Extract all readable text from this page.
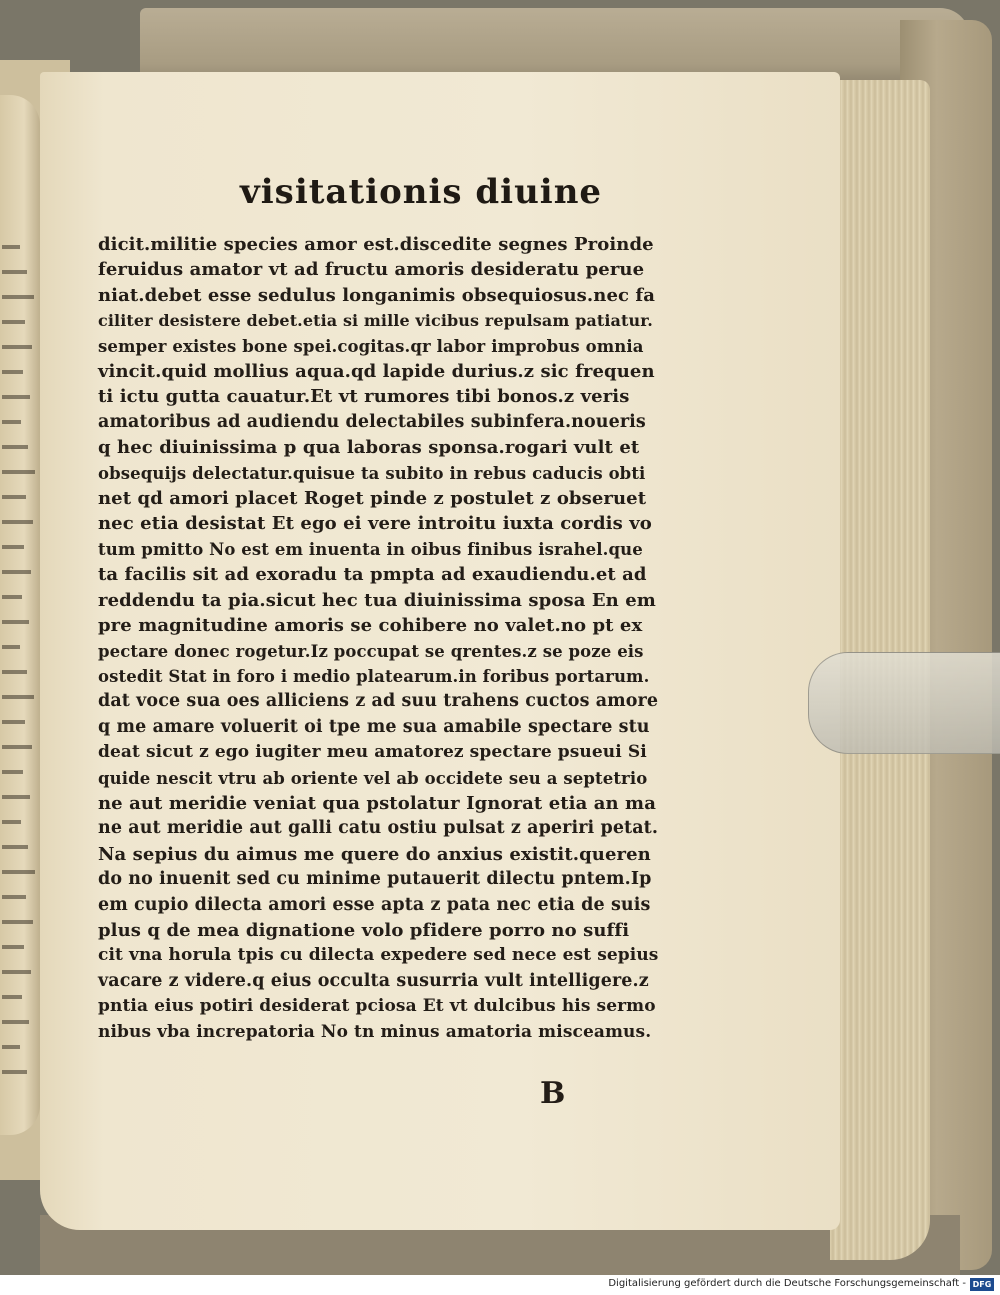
visitationis diuine
dicit.militie species amor est.discedite segnes Proinde
feruidus amator vt ad fructu amoris desideratu perue
niat.debet esse sedulus longanimis obsequiosus.nec fa
ciliter desistere debet.etia si mille vicibus repulsam patiatur.
semper existes bone spei.cogitas.qr labor improbus omnia
vincit.quid mollius aqua.qd lapide durius.z sic frequen
ti ictu gutta cauatur.Et vt rumores tibi bonos.z veris
amatoribus ad audiendu delectabiles subinfera.noueris
q hec diuinissima p qua laboras sponsa.rogari vult et
obsequijs delectatur.quisue ta subito in rebus caducis obti
net qd amori placet Roget pinde z postulet z obseruet
nec etia desistat Et ego ei vere introitu iuxta cordis vo
tum pmitto No est em inuenta in oibus finibus israhel.que
ta facilis sit ad exoradu ta pmpta ad exaudiendu.et ad
reddendu ta pia.sicut hec tua diuinissima sposa En em
pre magnitudine amoris se cohibere no valet.no pt ex
pectare donec rogetur.Iz poccupat se qrentes.z se poze eis
ostedit Stat in foro i medio platearum.in foribus portarum.
dat voce sua oes alliciens z ad suu trahens cuctos amore
q me amare voluerit oi tpe me sua amabile spectare stu
deat sicut z ego iugiter meu amatorez spectare psueui Si
quide nescit vtru ab oriente vel ab occidete seu a septetrio
ne aut meridie veniat qua pstolatur Ignorat etia an ma
ne aut meridie aut galli catu ostiu pulsat z aperiri petat.
Na sepius du aimus me quere do anxius existit.queren
do no inuenit sed cu minime putauerit dilectu pntem.Ip
em cupio dilecta amori esse apta z pata nec etia de suis
plus q de mea dignatione volo pfidere porro no suffi
cit vna horula tpis cu dilecta expedere sed nece est sepius
vacare z videre.q eius occulta susurria vult intelligere.z
pntia eius potiri desiderat pciosa Et vt dulcibus his sermo
nibus vba increpatoria No tn minus amatoria misceamus.
B
Digitalisierung gefördert durch die Deutsche Forschungsgemeinschaft - DFG
